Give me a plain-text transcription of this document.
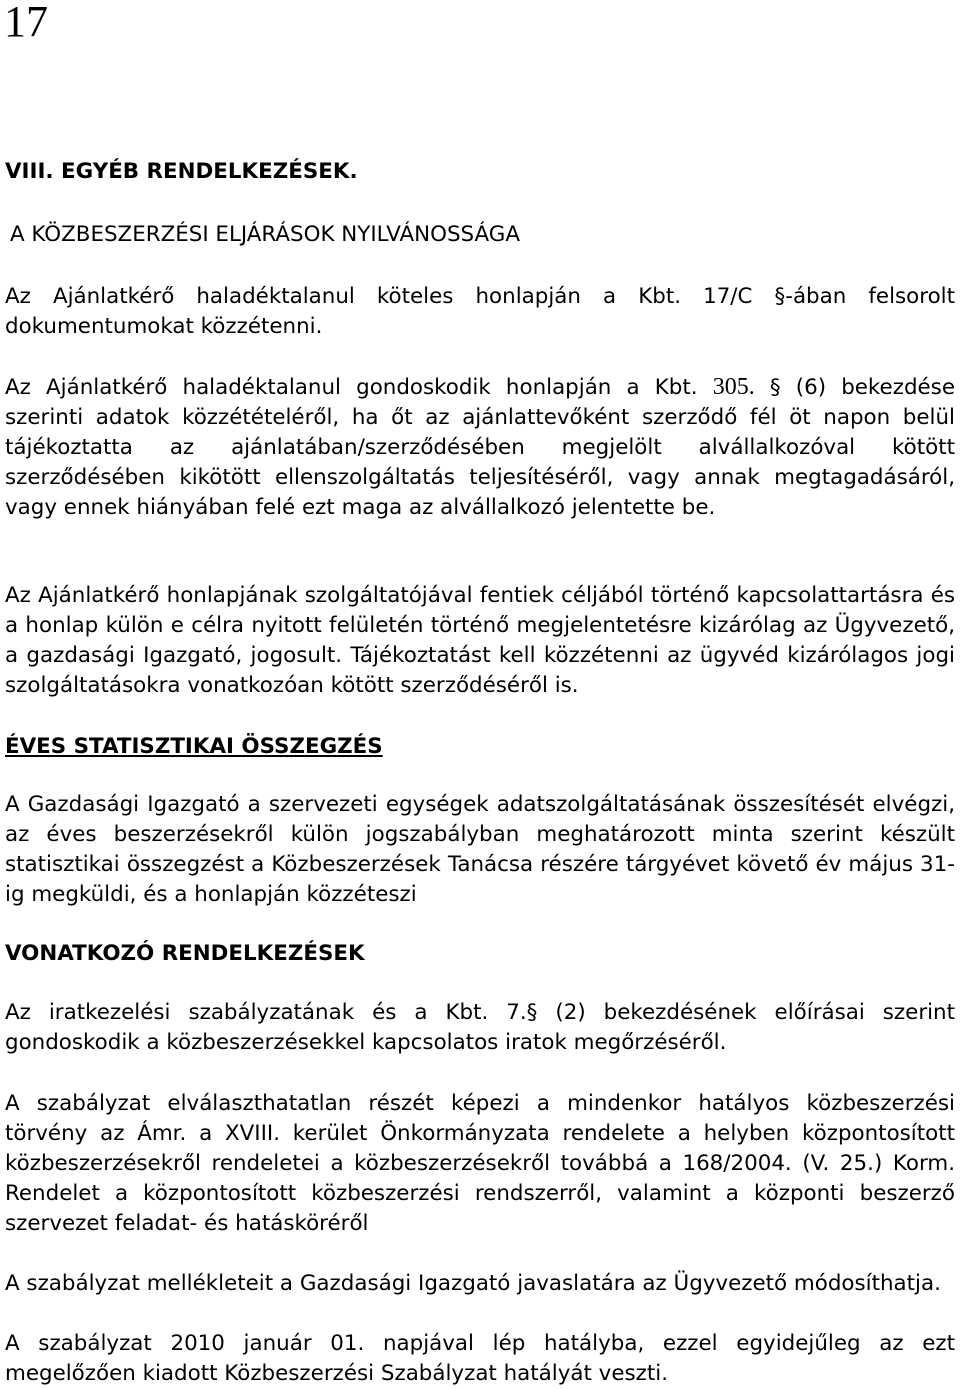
17
VIII. EGYÉB RENDELKEZÉSEK.
A KÖZBESZERZÉSI ELJÁRÁSOK NYILVÁNOSSÁGA

Az Ajánlatkérő haladéktalanul köteles honlapján a Kbt. 17/C §-ában felsorolt dokumentumokat közzétenni.

Az Ajánlatkérő haladéktalanul gondoskodik honlapján a Kbt. 305. § (6) bekezdése szerinti adatok közzétételéről, ha őt az ajánlattevőként szerződő fél öt napon belül tájékoztatta az ajánlatában/szerződésében megjelölt alvállalkozóval kötött szerződésében kikötött ellenszolgáltatás teljesítéséről, vagy annak megtagadásáról, vagy ennek hiányában felé ezt maga az alvállalkozó jelentette be.

Az Ajánlatkérő honlapjának szolgáltatójával fentiek céljából történő kapcsolattartásra és a honlap külön e célra nyitott felületén történő megjelentetésre kizárólag az Ügyvezető, a gazdasági Igazgató, jogosult. Tájékoztatást kell közzétenni az ügyvéd kizárólagos jogi szolgáltatásokra vonatkozóan kötött szerződéséről is.

ÉVES STATISZTIKAI ÖSSZEGZÉS

A Gazdasági Igazgató a szervezeti egységek adatszolgáltatásának összesítését elvégzi, az éves beszerzésekről külön jogszabályban meghatározott minta szerint készült statisztikai összegzést a Közbeszerzések Tanácsa részére tárgyévet követő év május 31-ig megküldi, és a honlapján közzéteszi

VONATKOZÓ RENDELKEZÉSEK

Az iratkezelési szabályzatának és a Kbt. 7.§ (2) bekezdésének előírásai szerint gondoskodik a közbeszerzésekkel kapcsolatos iratok megőrzéséről.

A szabályzat elválaszthatatlan részét képezi a mindenkor hatályos közbeszerzési törvény az Ámr. a XVIII. kerület Önkormányzata rendelete a helyben központosított közbeszerzésekről rendeletei a közbeszerzésekről továbbá a 168/2004. (V. 25.) Korm. Rendelet a központosított közbeszerzési rendszerről, valamint a központi beszerző szervezet feladat- és hatásköréről

A szabályzat mellékleteit a Gazdasági Igazgató javaslatára az Ügyvezető módosíthatja.

A szabályzat 2010 január 01. napjával lép hatályba, ezzel egyidejűleg az ezt megelőzően kiadott Közbeszerzési Szabályzat hatályát veszti.
